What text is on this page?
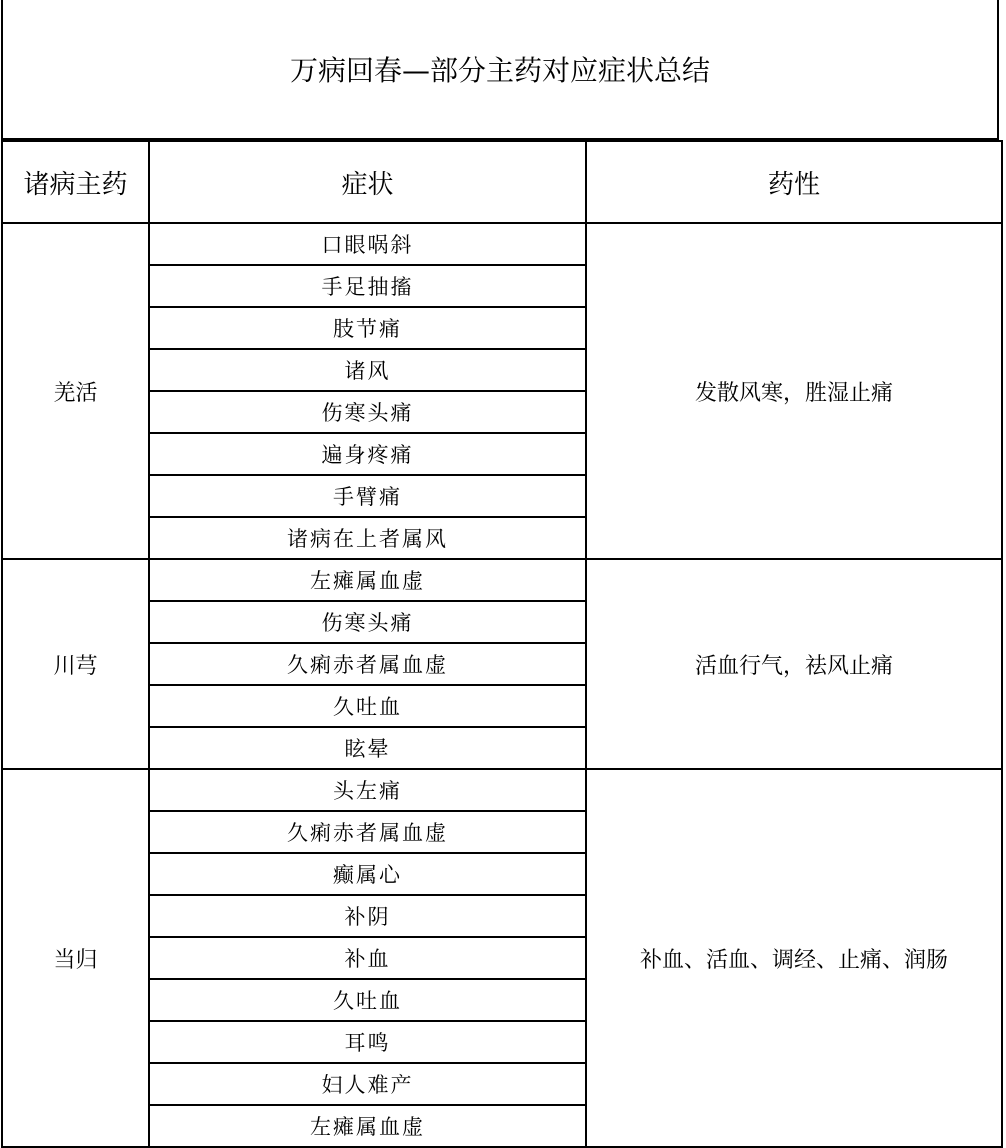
万病回春—部分主药对应症状总结
诸病主药	症状	药性
羌活	口眼㖞斜	发散风寒，胜湿止痛
	手足抽搐	
	肢节痛	
	诸风	
	伤寒头痛	
	遍身疼痛	
	手臂痛	
	诸病在上者属风	
川芎	左瘫属血虚	活血行气，祛风止痛
	伤寒头痛	
	久痢赤者属血虚	
	久吐血	
	眩晕	
当归	头左痛	补血、活血、调经、止痛、润肠
	久痢赤者属血虚	
	癫属心	
	补阴	
	补血	
	久吐血	
	耳鸣	
	妇人难产	
	左瘫属血虚	
